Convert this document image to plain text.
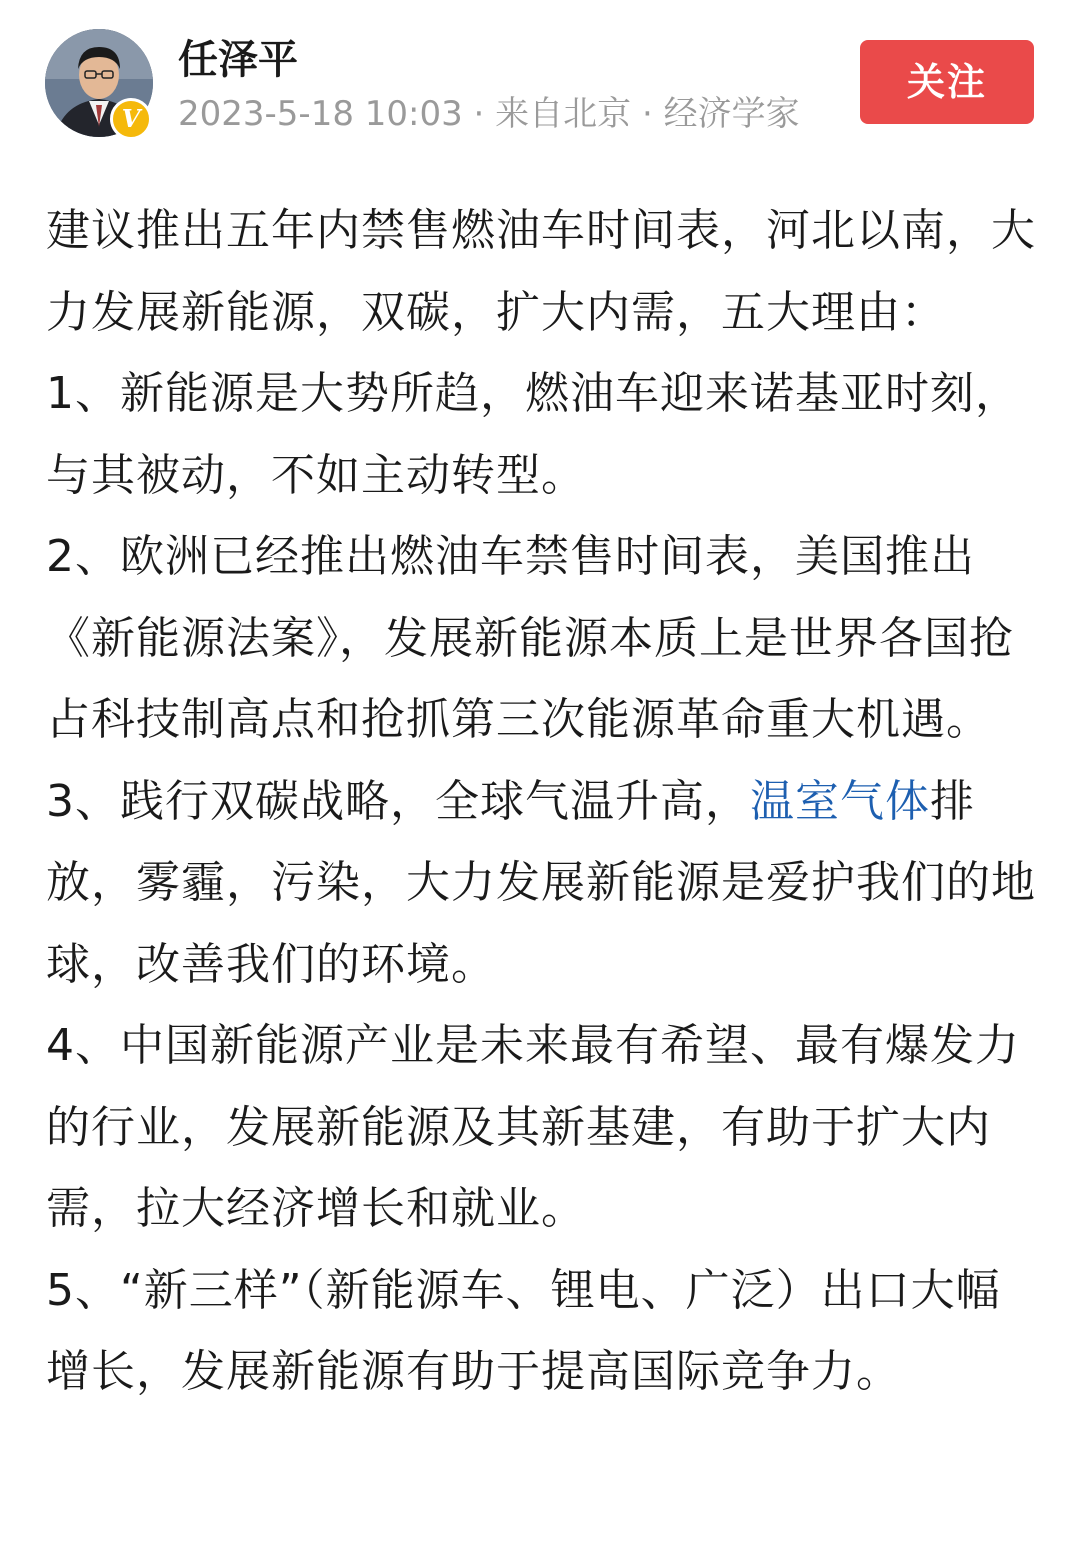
V
任泽平
2023-5-18 10:03 · 来自北京 · 经济学家
关注

建议推出五年内禁售燃油车时间表，河北以南，大力发展新能源，双碳，扩大内需，五大理由：

1、新能源是大势所趋，燃油车迎来诺基亚时刻，与其被动，不如主动转型。

2、欧洲已经推出燃油车禁售时间表，美国推出《新能源法案》，发展新能源本质上是世界各国抢占科技制高点和抢抓第三次能源革命重大机遇。

3、践行双碳战略，全球气温升高，温室气体排放，雾霾，污染，大力发展新能源是爱护我们的地球，改善我们的环境。

4、中国新能源产业是未来最有希望、最有爆发力的行业，发展新能源及其新基建，有助于扩大内需，拉大经济增长和就业。

5、“新三样”（新能源车、锂电、广泛）出口大幅增长，发展新能源有助于提高国际竞争力。
